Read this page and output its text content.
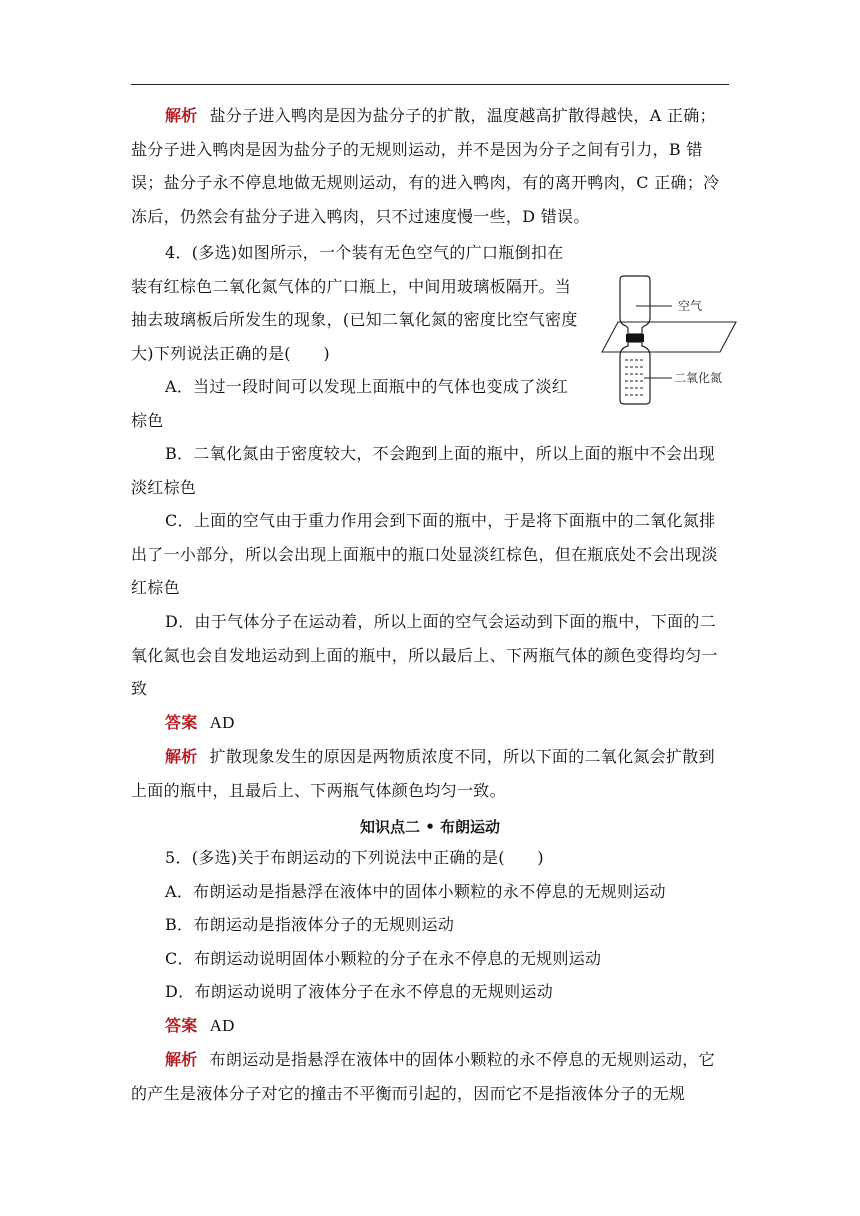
解析 盐分子进入鸭肉是因为盐分子的扩散，温度越高扩散得越快，A 正确；盐分子进入鸭肉是因为盐分子的无规则运动，并不是因为分子之间有引力，B 错误；盐分子永不停息地做无规则运动，有的进入鸭肉，有的离开鸭肉，C 正确；冷冻后，仍然会有盐分子进入鸭肉，只不过速度慢一些，D 错误。
4．(多选)如图所示，一个装有无色空气的广口瓶倒扣在装有红棕色二氧化氮气体的广口瓶上，中间用玻璃板隔开。当抽去玻璃板后所发生的现象，(已知二氧化氮的密度比空气密度大)下列说法正确的是(　　)
空气
二氧化氮
A．当过一段时间可以发现上面瓶中的气体也变成了淡红棕色
B．二氧化氮由于密度较大，不会跑到上面的瓶中，所以上面的瓶中不会出现淡红棕色
C．上面的空气由于重力作用会到下面的瓶中，于是将下面瓶中的二氧化氮排出了一小部分，所以会出现上面瓶中的瓶口处显淡红棕色，但在瓶底处不会出现淡红棕色
D．由于气体分子在运动着，所以上面的空气会运动到下面的瓶中，下面的二氧化氮也会自发地运动到上面的瓶中，所以最后上、下两瓶气体的颜色变得均匀一致
答案 AD
解析 扩散现象发生的原因是两物质浓度不同，所以下面的二氧化氮会扩散到上面的瓶中，且最后上、下两瓶气体颜色均匀一致。
知识点二 • 布朗运动
5．(多选)关于布朗运动的下列说法中正确的是(　　)
A．布朗运动是指悬浮在液体中的固体小颗粒的永不停息的无规则运动
B．布朗运动是指液体分子的无规则运动
C．布朗运动说明固体小颗粒的分子在永不停息的无规则运动
D．布朗运动说明了液体分子在永不停息的无规则运动
答案 AD
解析 布朗运动是指悬浮在液体中的固体小颗粒的永不停息的无规则运动，它的产生是液体分子对它的撞击不平衡而引起的，因而它不是指液体分子的无规
